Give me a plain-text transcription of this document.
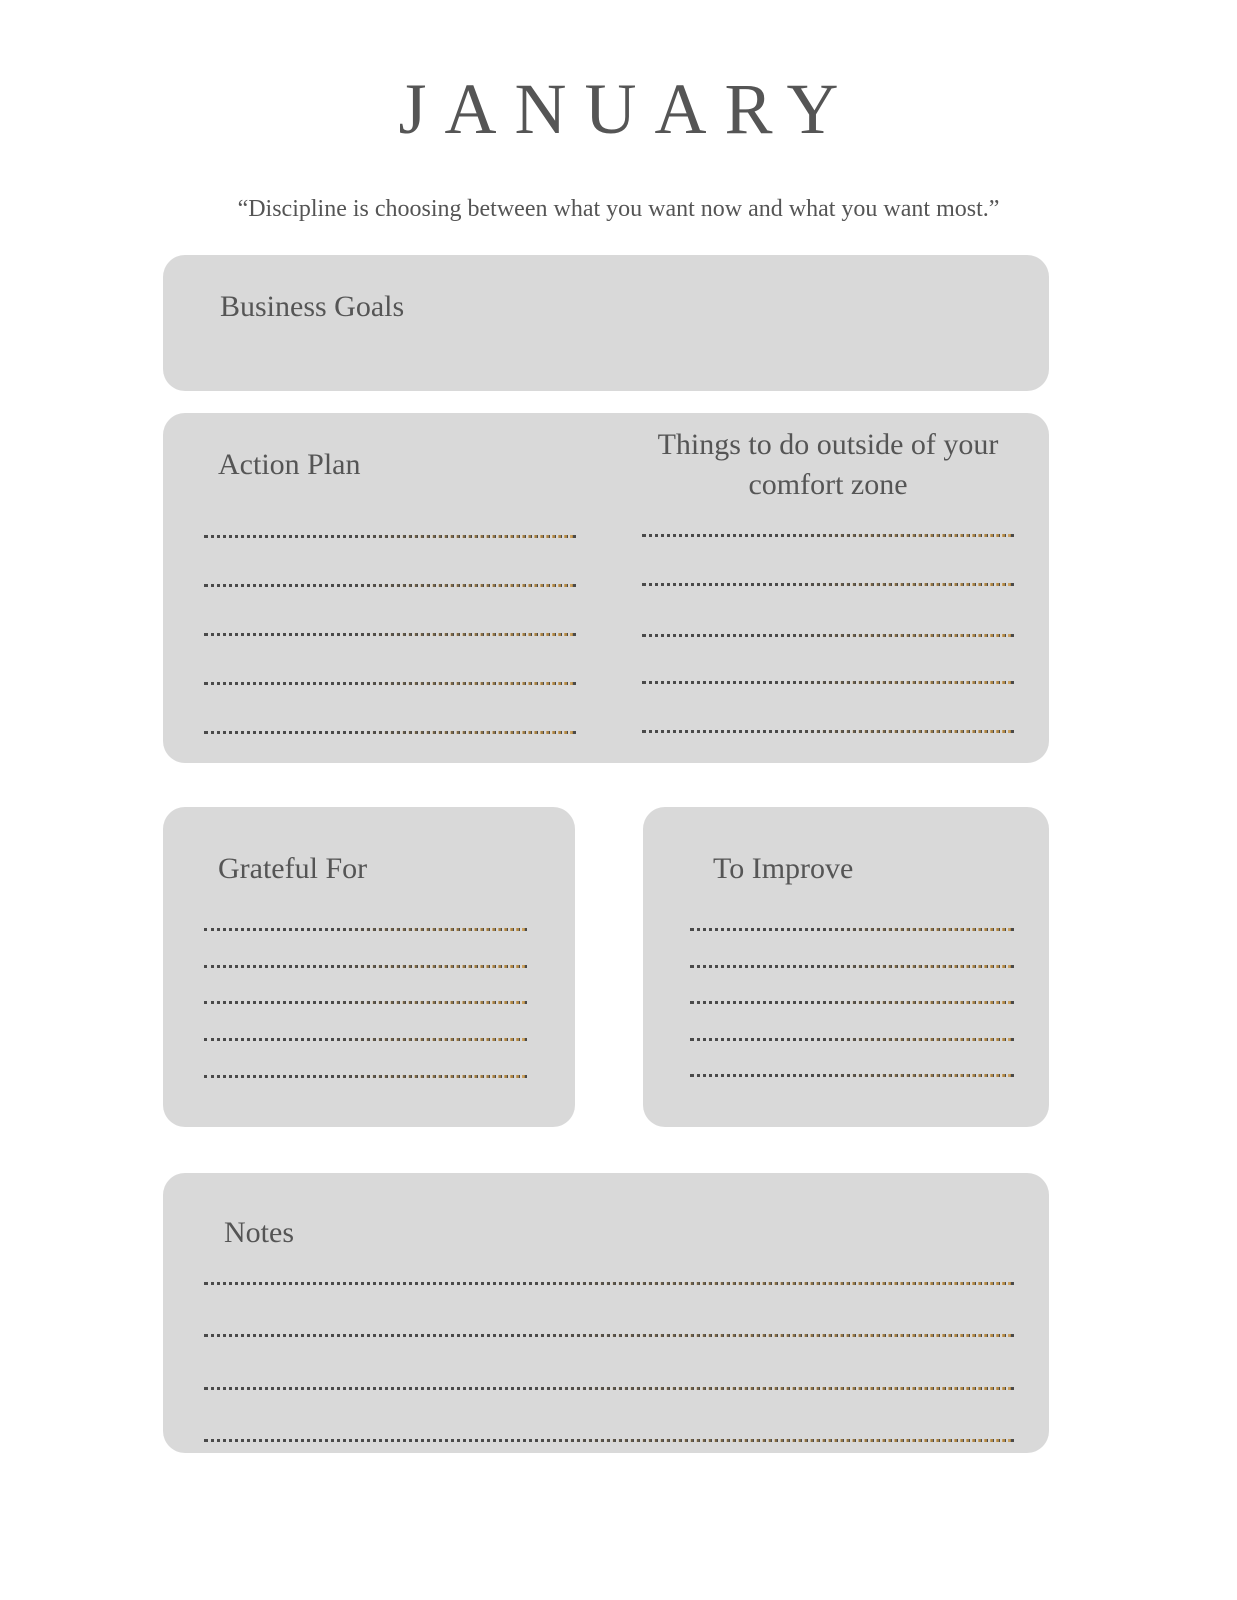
JANUARY
“Discipline is choosing between what you want now and what you want most.”
Business Goals
Action Plan
Things to do outside of your comfort zone
Grateful For	To Improve
Notes
